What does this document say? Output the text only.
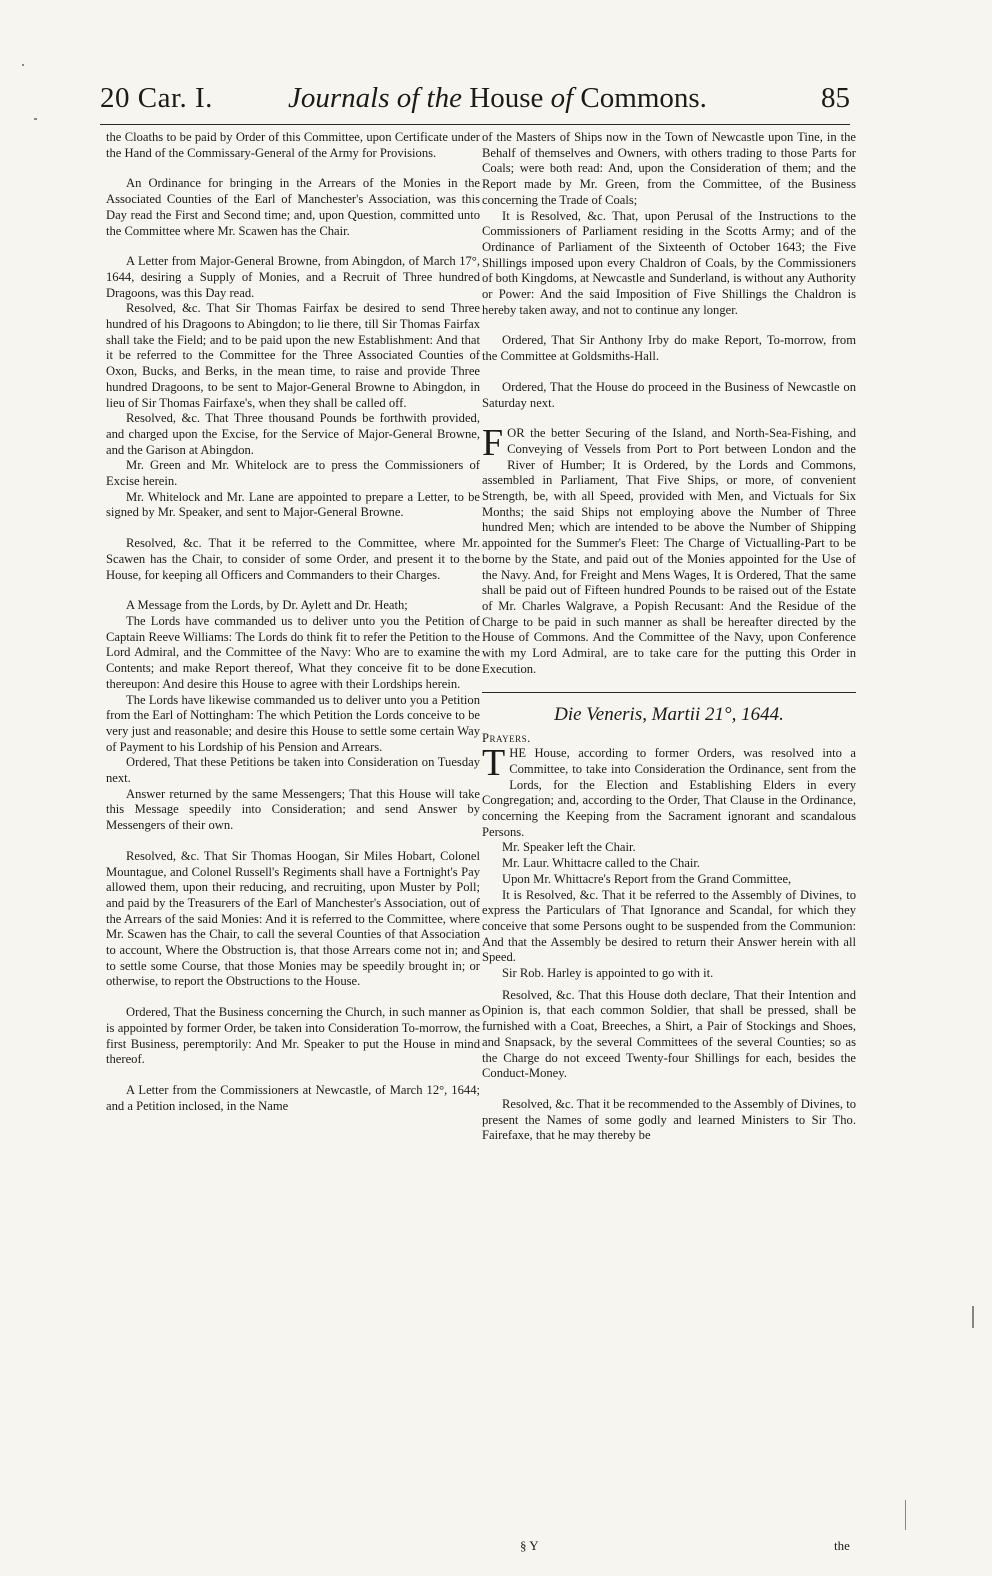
20 Car. I.	Journals of the House of Commons.	85

the Cloaths to be paid by Order of this Committee, upon Certificate under the Hand of the Commissary-General of the Army for Provisions.

An Ordinance for bringing in the Arrears of the Monies in the Associated Counties of the Earl of Manchester's Association, was this Day read the First and Second time; and, upon Question, committed unto the Committee where Mr. Scawen has the Chair.

A Letter from Major-General Browne, from Abingdon, of March 17°, 1644, desiring a Supply of Monies, and a Recruit of Three hundred Dragoons, was this Day read.

Resolved, &c. That Sir Thomas Fairfax be desired to send Three hundred of his Dragoons to Abingdon; to lie there, till Sir Thomas Fairfax shall take the Field; and to be paid upon the new Establishment: And that it be referred to the Committee for the Three Associated Counties of Oxon, Bucks, and Berks, in the mean time, to raise and provide Three hundred Dragoons, to be sent to Major-General Browne to Abingdon, in lieu of Sir Thomas Fairfaxe's, when they shall be called off.

Resolved, &c. That Three thousand Pounds be forthwith provided, and charged upon the Excise, for the Service of Major-General Browne, and the Garison at Abingdon.

Mr. Green and Mr. Whitelock are to press the Commissioners of Excise herein.

Mr. Whitelock and Mr. Lane are appointed to prepare a Letter, to be signed by Mr. Speaker, and sent to Major-General Browne.

Resolved, &c. That it be referred to the Committee, where Mr. Scawen has the Chair, to consider of some Order, and present it to the House, for keeping all Officers and Commanders to their Charges.

A Message from the Lords, by Dr. Aylett and Dr. Heath;

The Lords have commanded us to deliver unto you the Petition of Captain Reeve Williams: The Lords do think fit to refer the Petition to the Lord Admiral, and the Committee of the Navy: Who are to examine the Contents; and make Report thereof, What they conceive fit to be done thereupon: And desire this House to agree with their Lordships herein.

The Lords have likewise commanded us to deliver unto you a Petition from the Earl of Nottingham: The which Petition the Lords conceive to be very just and reasonable; and desire this House to settle some certain Way of Payment to his Lordship of his Pension and Arrears.

Ordered, That these Petitions be taken into Consideration on Tuesday next.

Answer returned by the same Messengers; That this House will take this Message speedily into Consideration; and send Answer by Messengers of their own.

Resolved, &c. That Sir Thomas Hoogan, Sir Miles Hobart, Colonel Mountague, and Colonel Russell's Regiments shall have a Fortnight's Pay allowed them, upon their reducing, and recruiting, upon Muster by Poll; and paid by the Treasurers of the Earl of Manchester's Association, out of the Arrears of the said Monies: And it is referred to the Committee, where Mr. Scawen has the Chair, to call the several Counties of that Association to account, Where the Obstruction is, that those Arrears come not in; and to settle some Course, that those Monies may be speedily brought in; or otherwise, to report the Obstructions to the House.

Ordered, That the Business concerning the Church, in such manner as is appointed by former Order, be taken into Consideration To-morrow, the first Business, peremptorily: And Mr. Speaker to put the House in mind thereof.

A Letter from the Commissioners at Newcastle, of March 12°, 1644; and a Petition inclosed, in the Name

of the Masters of Ships now in the Town of Newcastle upon Tine, in the Behalf of themselves and Owners, with others trading to those Parts for Coals; were both read: And, upon the Consideration of them; and the Report made by Mr. Green, from the Committee, of the Business concerning the Trade of Coals;

It is Resolved, &c. That, upon Perusal of the Instructions to the Commissioners of Parliament residing in the Scotts Army; and of the Ordinance of Parliament of the Sixteenth of October 1643; the Five Shillings imposed upon every Chaldron of Coals, by the Commissioners of both Kingdoms, at Newcastle and Sunderland, is without any Authority or Power: And the said Imposition of Five Shillings the Chaldron is hereby taken away, and not to continue any longer.

Ordered, That Sir Anthony Irby do make Report, To-morrow, from the Committee at Goldsmiths-Hall.

Ordered, That the House do proceed in the Business of Newcastle on Saturday next.

FOR the better Securing of the Island, and North-Sea-Fishing, and Conveying of Vessels from Port to Port between London and the River of Humber; It is Ordered, by the Lords and Commons, assembled in Parliament, That Five Ships, or more, of convenient Strength, be, with all Speed, provided with Men, and Victuals for Six Months; the said Ships not employing above the Number of Three hundred Men; which are intended to be above the Number of Shipping appointed for the Summer's Fleet: The Charge of Victualling-Part to be borne by the State, and paid out of the Monies appointed for the Use of the Navy. And, for Freight and Mens Wages, It is Ordered, That the same shall be paid out of Fifteen hundred Pounds to be raised out of the Estate of Mr. Charles Walgrave, a Popish Recusant: And the Residue of the Charge to be paid in such manner as shall be hereafter directed by the House of Commons. And the Committee of the Navy, upon Conference with my Lord Admiral, are to take care for the putting this Order in Execution.

Die Veneris, Martii 21°, 1644.

Prayers.

THE House, according to former Orders, was resolved into a Committee, to take into Consideration the Ordinance, sent from the Lords, for the Election and Establishing Elders in every Congregation; and, according to the Order, That Clause in the Ordinance, concerning the Keeping from the Sacrament ignorant and scandalous Persons.

Mr. Speaker left the Chair.

Mr. Laur. Whittacre called to the Chair.

Upon Mr. Whittacre's Report from the Grand Committee,

It is Resolved, &c. That it be referred to the Assembly of Divines, to express the Particulars of That Ignorance and Scandal, for which they conceive that some Persons ought to be suspended from the Communion: And that the Assembly be desired to return their Answer herein with all Speed.

Sir Rob. Harley is appointed to go with it.

Resolved, &c. That this House doth declare, That their Intention and Opinion is, that each common Soldier, that shall be pressed, shall be furnished with a Coat, Breeches, a Shirt, a Pair of Stockings and Shoes, and Snapsack, by the several Committees of the several Counties; so as the Charge do not exceed Twenty-four Shillings for each, besides the Conduct-Money.

Resolved, &c. That it be recommended to the Assembly of Divines, to present the Names of some godly and learned Ministers to Sir Tho. Fairefaxe, that he may thereby be

§ Y	the
